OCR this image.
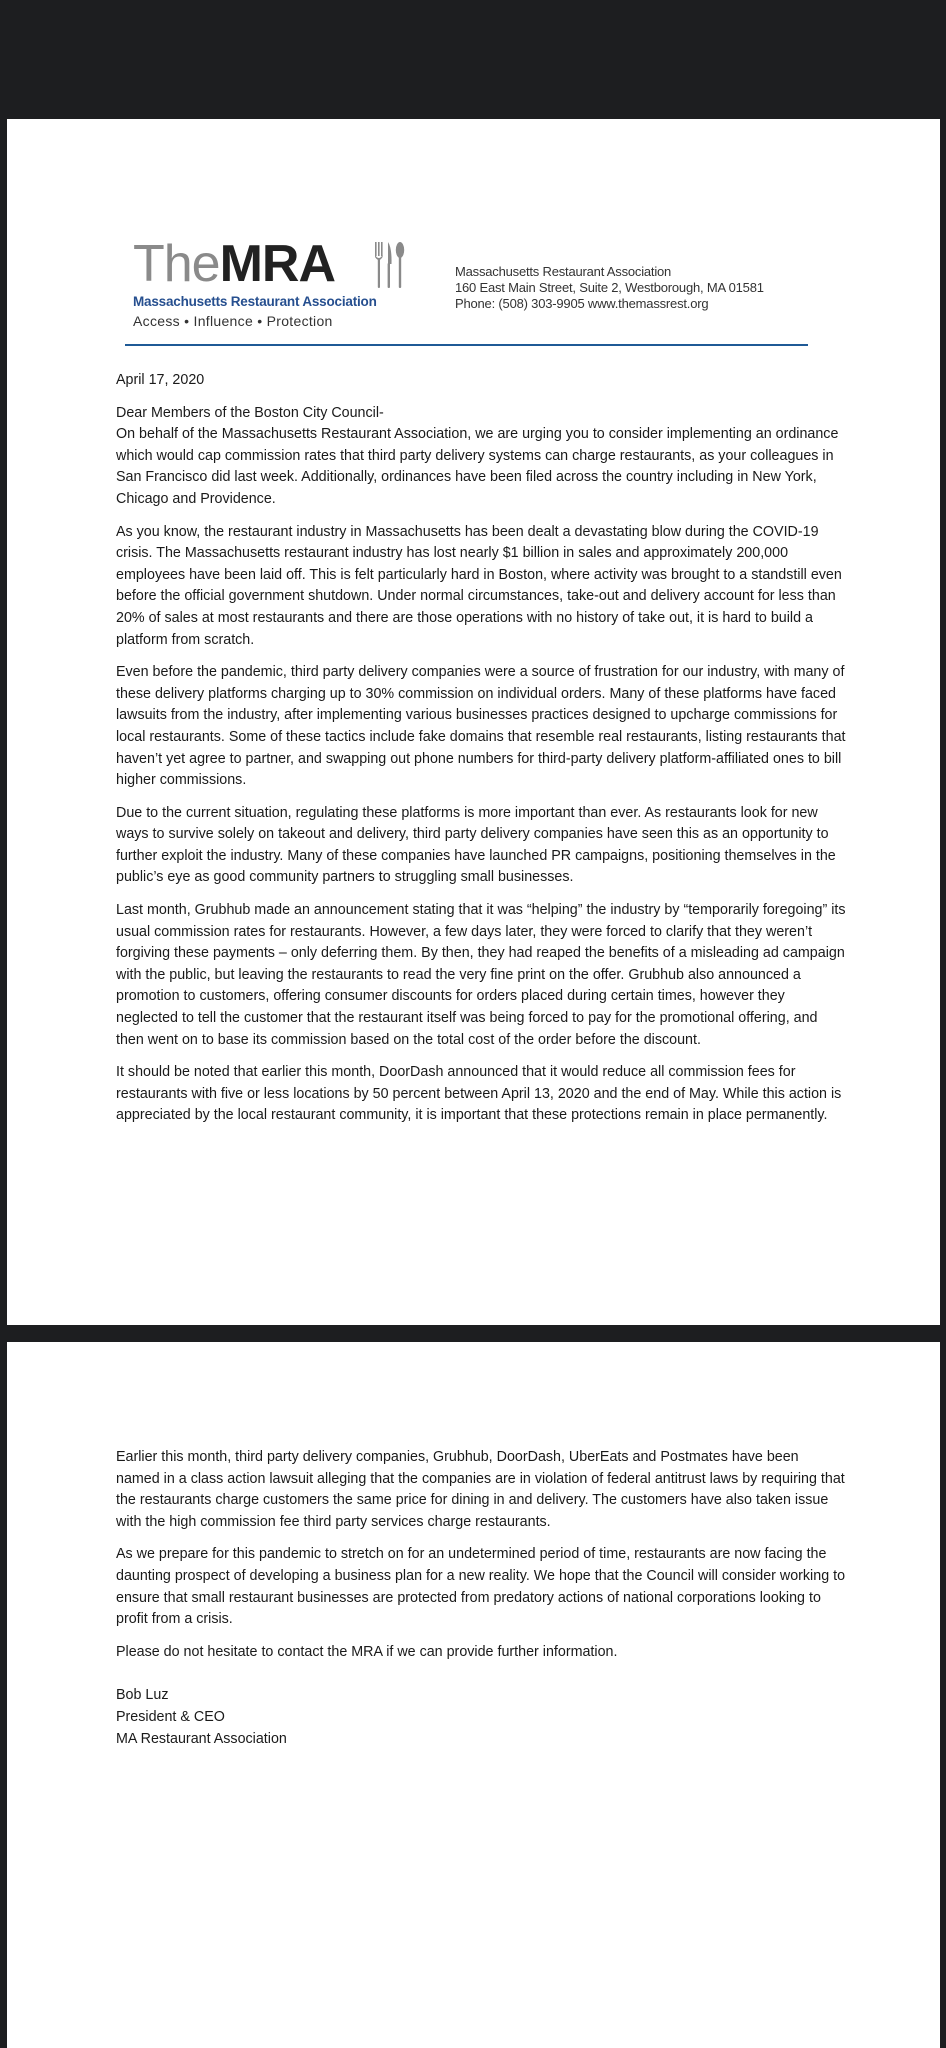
TheMRA
Massachusetts Restaurant Association
Access • Influence • Protection
Massachusetts Restaurant Association
160 East Main Street, Suite 2, Westborough, MA 01581
Phone: (508) 303-9905 www.themassrest.org

April 17, 2020

Dear Members of the Boston City Council-

On behalf of the Massachusetts Restaurant Association, we are urging you to consider implementing an ordinance which would cap commission rates that third party delivery systems can charge restaurants, as your colleagues in San Francisco did last week. Additionally, ordinances have been filed across the country including in New York, Chicago and Providence.

As you know, the restaurant industry in Massachusetts has been dealt a devastating blow during the COVID-19 crisis. The Massachusetts restaurant industry has lost nearly $1 billion in sales and approximately 200,000 employees have been laid off. This is felt particularly hard in Boston, where activity was brought to a standstill even before the official government shutdown. Under normal circumstances, take-out and delivery account for less than 20% of sales at most restaurants and there are those operations with no history of take out, it is hard to build a platform from scratch.

Even before the pandemic, third party delivery companies were a source of frustration for our industry, with many of these delivery platforms charging up to 30% commission on individual orders. Many of these platforms have faced lawsuits from the industry, after implementing various businesses practices designed to upcharge commissions for local restaurants. Some of these tactics include fake domains that resemble real restaurants, listing restaurants that haven’t yet agree to partner, and swapping out phone numbers for third-party delivery platform-affiliated ones to bill higher commissions.

Due to the current situation, regulating these platforms is more important than ever. As restaurants look for new ways to survive solely on takeout and delivery, third party delivery companies have seen this as an opportunity to further exploit the industry. Many of these companies have launched PR campaigns, positioning themselves in the public’s eye as good community partners to struggling small businesses.

Last month, Grubhub made an announcement stating that it was “helping” the industry by “temporarily foregoing” its usual commission rates for restaurants. However, a few days later, they were forced to clarify that they weren’t forgiving these payments – only deferring them. By then, they had reaped the benefits of a misleading ad campaign with the public, but leaving the restaurants to read the very fine print on the offer. Grubhub also announced a promotion to customers, offering consumer discounts for orders placed during certain times, however they neglected to tell the customer that the restaurant itself was being forced to pay for the promotional offering, and then went on to base its commission based on the total cost of the order before the discount.

It should be noted that earlier this month, DoorDash announced that it would reduce all commission fees for restaurants with five or less locations by 50 percent between April 13, 2020 and the end of May. While this action is appreciated by the local restaurant community, it is important that these protections remain in place permanently.

Earlier this month, third party delivery companies, Grubhub, DoorDash, UberEats and Postmates have been named in a class action lawsuit alleging that the companies are in violation of federal antitrust laws by requiring that the restaurants charge customers the same price for dining in and delivery. The customers have also taken issue with the high commission fee third party services charge restaurants.

As we prepare for this pandemic to stretch on for an undetermined period of time, restaurants are now facing the daunting prospect of developing a business plan for a new reality. We hope that the Council will consider working to ensure that small restaurant businesses are protected from predatory actions of national corporations looking to profit from a crisis.

Please do not hesitate to contact the MRA if we can provide further information.

Bob Luz
President & CEO
MA Restaurant Association
